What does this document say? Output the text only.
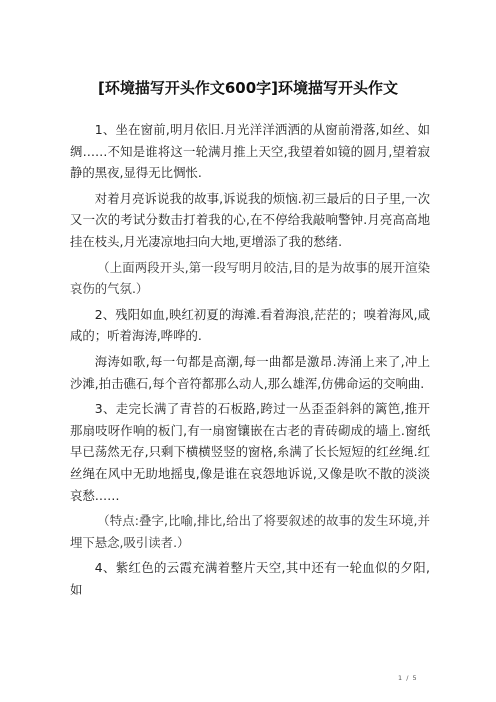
[环境描写开头作文600字]环境描写开头作文

1、坐在窗前,明月依旧.月光洋洋洒洒的从窗前滑落,如丝、如绸……不知是谁将这一轮满月推上天空,我望着如镜的圆月,望着寂静的黑夜,显得无比惆怅.

对着月亮诉说我的故事,诉说我的烦恼.初三最后的日子里,一次又一次的考试分数击打着我的心,在不停给我敲响警钟.月亮高高地挂在枝头,月光凄凉地扫向大地,更增添了我的愁绪.

（上面两段开头,第一段写明月皎洁,目的是为故事的展开渲染哀伤的气氛.）

2、残阳如血,映红初夏的海滩.看着海浪,茫茫的；嗅着海风,咸咸的；听着海涛,哗哗的.

海涛如歌,每一句都是高潮,每一曲都是激昂.涛涌上来了,冲上沙滩,拍击礁石,每个音符都那么动人,那么雄浑,仿佛命运的交响曲.

3、走完长满了青苔的石板路,跨过一丛歪歪斜斜的篱笆,推开那扇吱呀作响的板门,有一扇窗镶嵌在古老的青砖砌成的墙上.窗纸早已荡然无存,只剩下横横竖竖的窗格,糸满了长长短短的红丝绳.红丝绳在风中无助地摇曳,像是谁在哀怨地诉说,又像是吹不散的淡淡哀愁……

（特点:叠字,比喻,排比,给出了将要叙述的故事的发生环境,并埋下悬念,吸引读者.）

4、紫红色的云霞充满着整片天空,其中还有一轮血似的夕阳,如

1 / 5
